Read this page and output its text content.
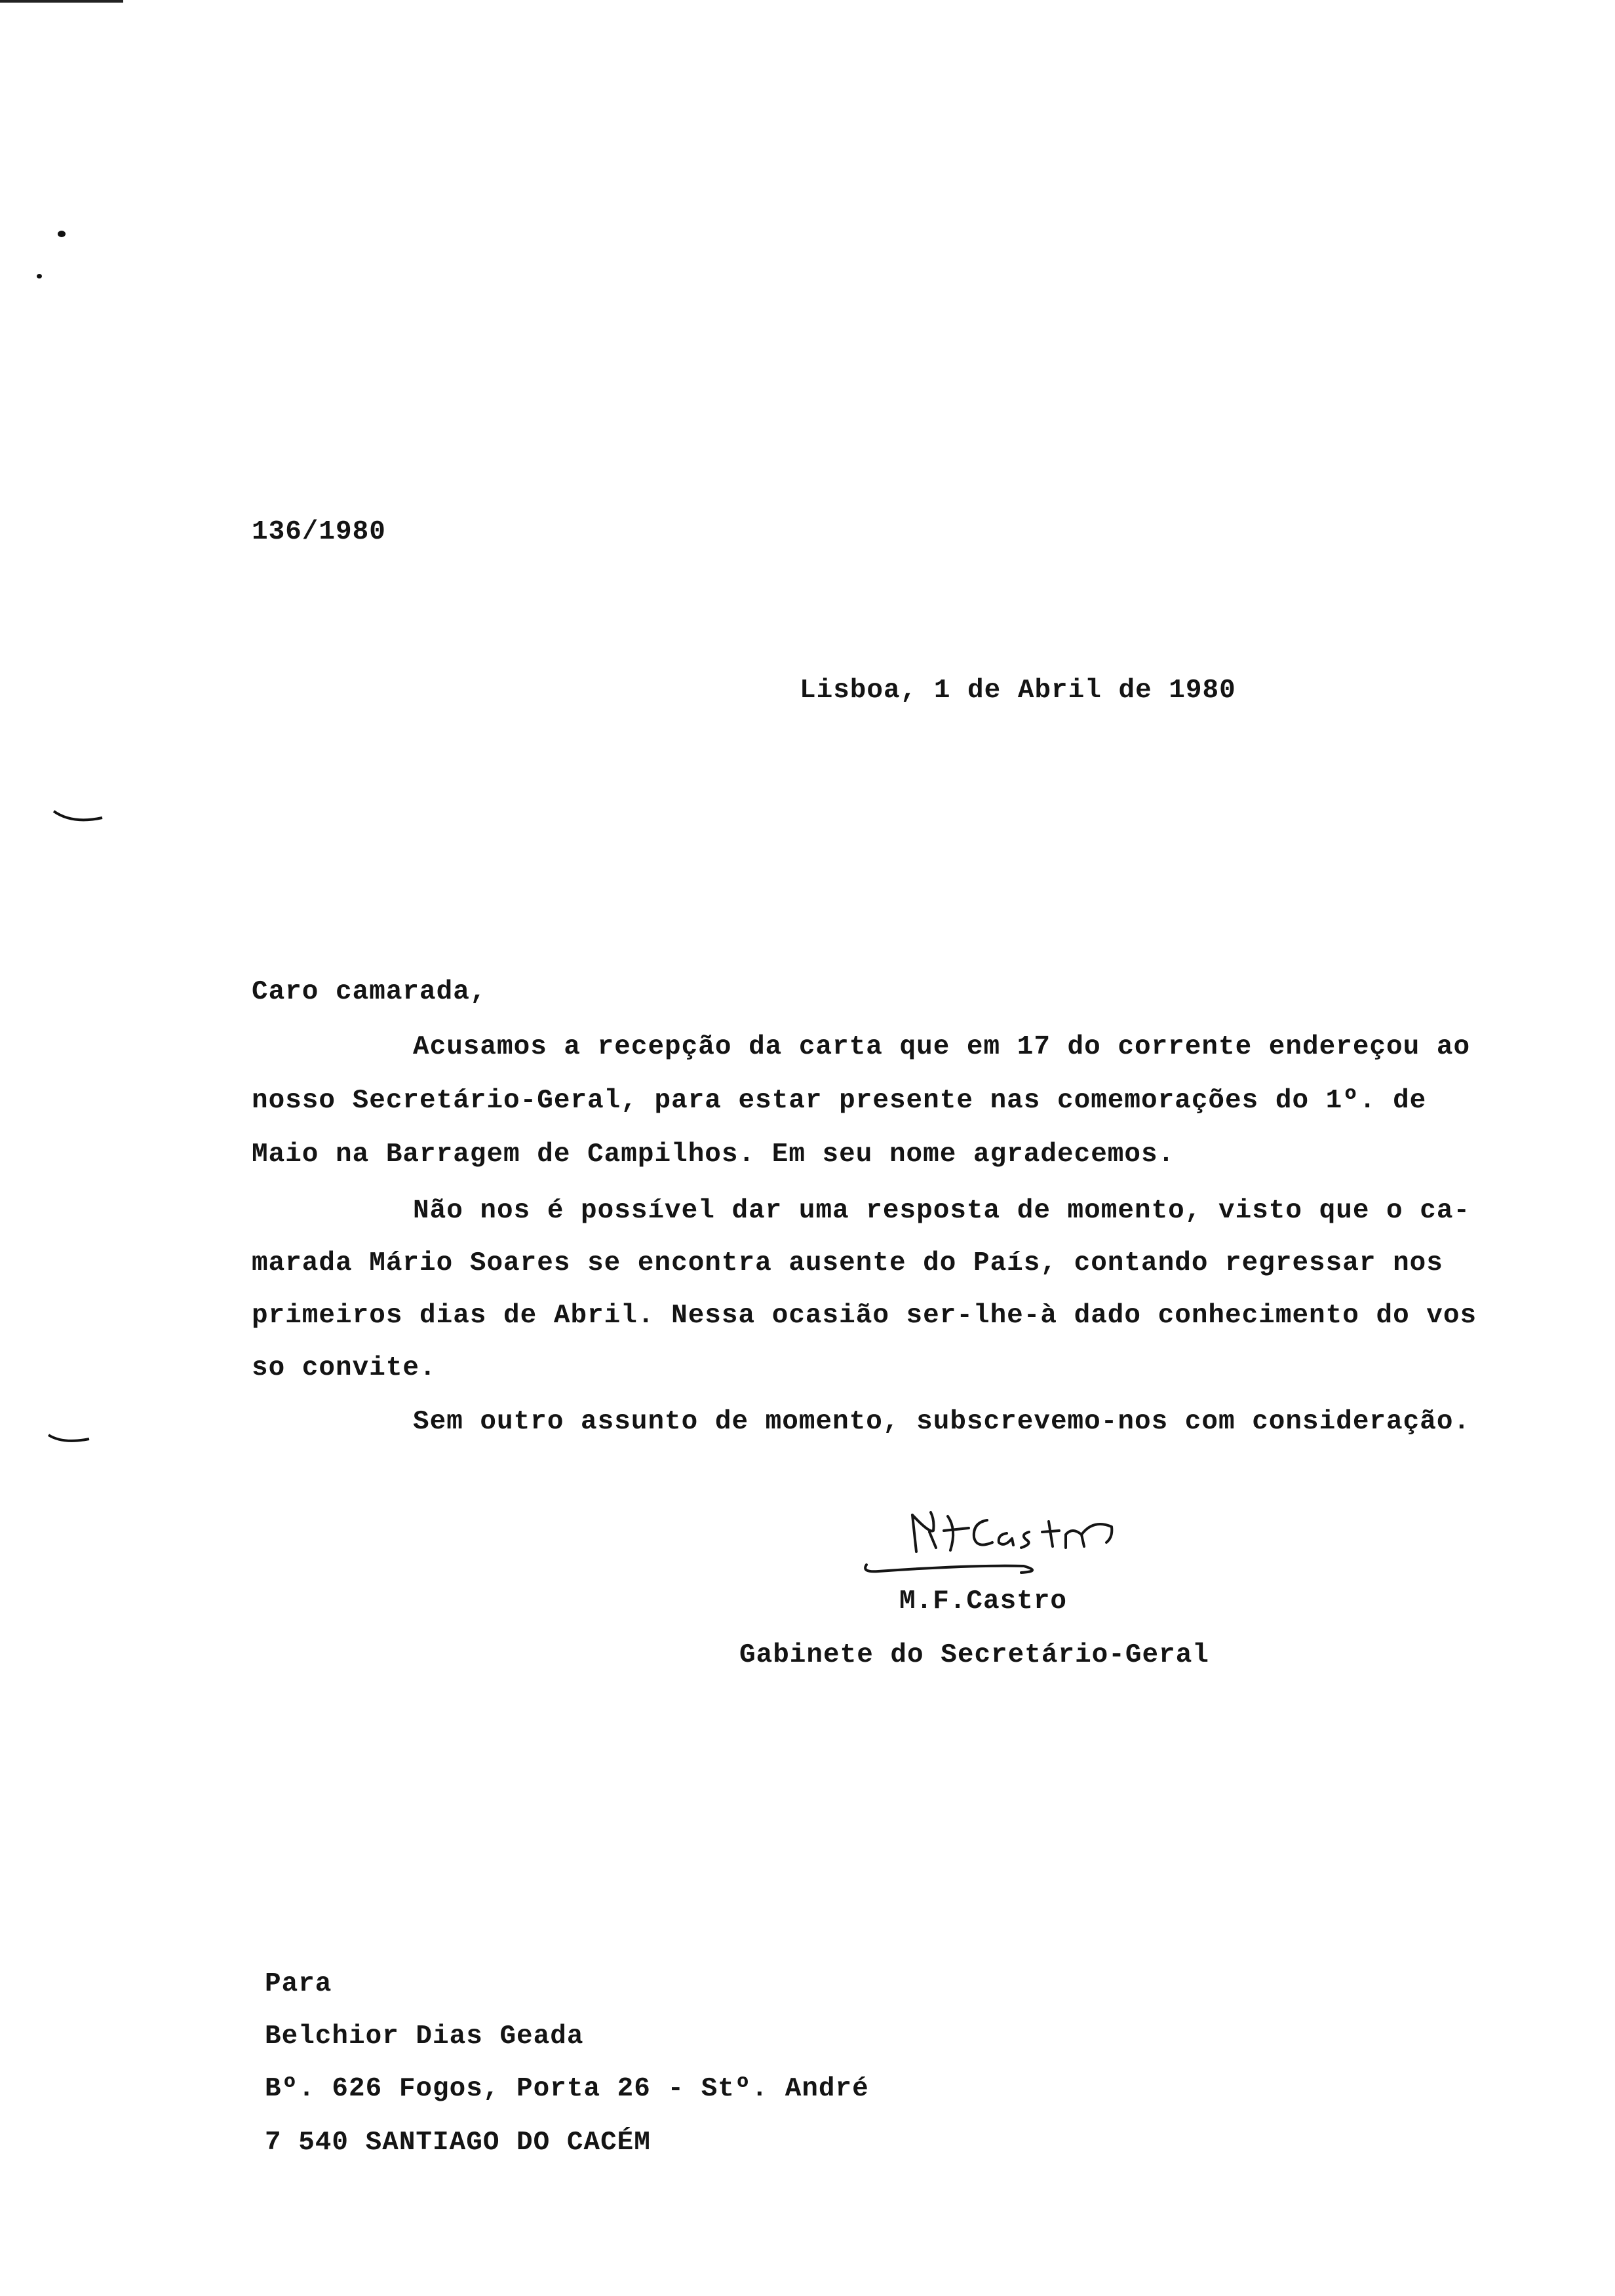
136/1980
Lisboa, 1 de Abril de 1980
Caro camarada,
Acusamos a recepção da carta que em 17 do corrente endereçou ao
nosso Secretário-Geral, para estar presente nas comemorações do 1º. de
Maio na Barragem de Campilhos. Em seu nome agradecemos.
Não nos é possível dar uma resposta de momento, visto que o ca-
marada Mário Soares se encontra ausente do País, contando regressar nos
primeiros dias de Abril. Nessa ocasião ser-lhe-à dado conhecimento do vos
so convite.
Sem outro assunto de momento, subscrevemo-nos com consideração.
M.F.Castro
Gabinete do Secretário-Geral
Para
Belchior Dias Geada
Bº. 626 Fogos, Porta 26 - Stº. André
7 540 SANTIAGO DO CACÉM
